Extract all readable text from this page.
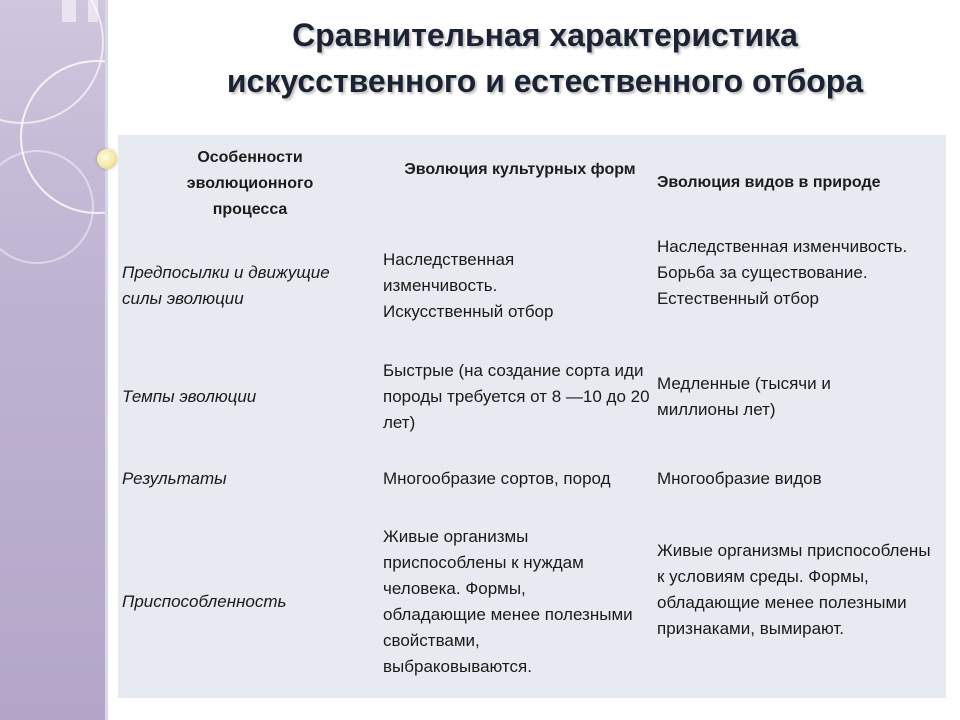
Сравнительная характеристика
искусственного и естественного отбора
Особенности эволюционного процесса
Эволюция культурных форм
Эволюция видов в природе
Предпосылки и движущие силы эволюции
Наследственная изменчивость. Искусственный отбор
Наследственная изменчивость. Борьба за существование. Естественный отбор
Темпы эволюции
Быстрые (на создание сорта иди породы требуется от 8 —10 до 20 лет)
Медленные (тысячи и миллионы лет)
Результаты	Многообразие сортов, пород	Многообразие видов
Приспособленность
Живые организмы приспособлены к нуждам человека. Формы, обладающие менее полезными свойствами, выбраковываются.
Живые организмы приспособлены к условиям среды. Формы, обладающие менее полезными признаками, вымирают.
